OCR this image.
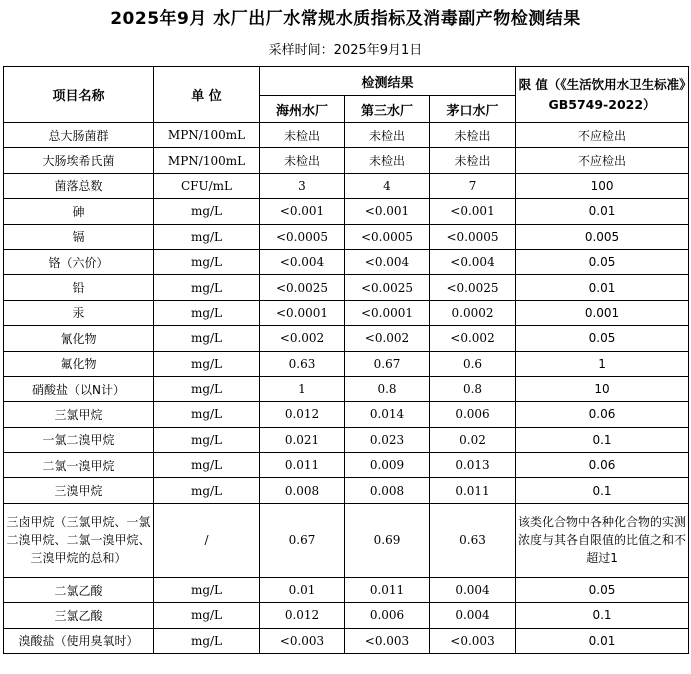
2025年9月 水厂出厂水常规水质指标及消毒副产物检测结果
采样时间：2025年9月1日
项目名称	单 位	检测结果			限 值（《生活饮用水卫生标准》GB5749-2022）
		海州水厂	第三水厂	茅口水厂	
总大肠菌群	MPN/100mL	未检出	未检出	未检出	不应检出
大肠埃希氏菌	MPN/100mL	未检出	未检出	未检出	不应检出
菌落总数	CFU/mL	3	4	7	100
砷	mg/L	<0.001	<0.001	<0.001	0.01
镉	mg/L	<0.0005	<0.0005	<0.0005	0.005
铬（六价）	mg/L	<0.004	<0.004	<0.004	0.05
铅	mg/L	<0.0025	<0.0025	<0.0025	0.01
汞	mg/L	<0.0001	<0.0001	0.0002	0.001
氰化物	mg/L	<0.002	<0.002	<0.002	0.05
氟化物	mg/L	0.63	0.67	0.6	1
硝酸盐（以N计）	mg/L	1	0.8	0.8	10
三氯甲烷	mg/L	0.012	0.014	0.006	0.06
一氯二溴甲烷	mg/L	0.021	0.023	0.02	0.1
二氯一溴甲烷	mg/L	0.011	0.009	0.013	0.06
三溴甲烷	mg/L	0.008	0.008	0.011	0.1
三卤甲烷（三氯甲烷、一氯二溴甲烷、二氯一溴甲烷、三溴甲烷的总和）	/	0.67	0.69	0.63	该类化合物中各种化合物的实测浓度与其各自限值的比值之和不超过1
二氯乙酸	mg/L	0.01	0.011	0.004	0.05
三氯乙酸	mg/L	0.012	0.006	0.004	0.1
溴酸盐（使用臭氧时）	mg/L	<0.003	<0.003	<0.003	0.01
